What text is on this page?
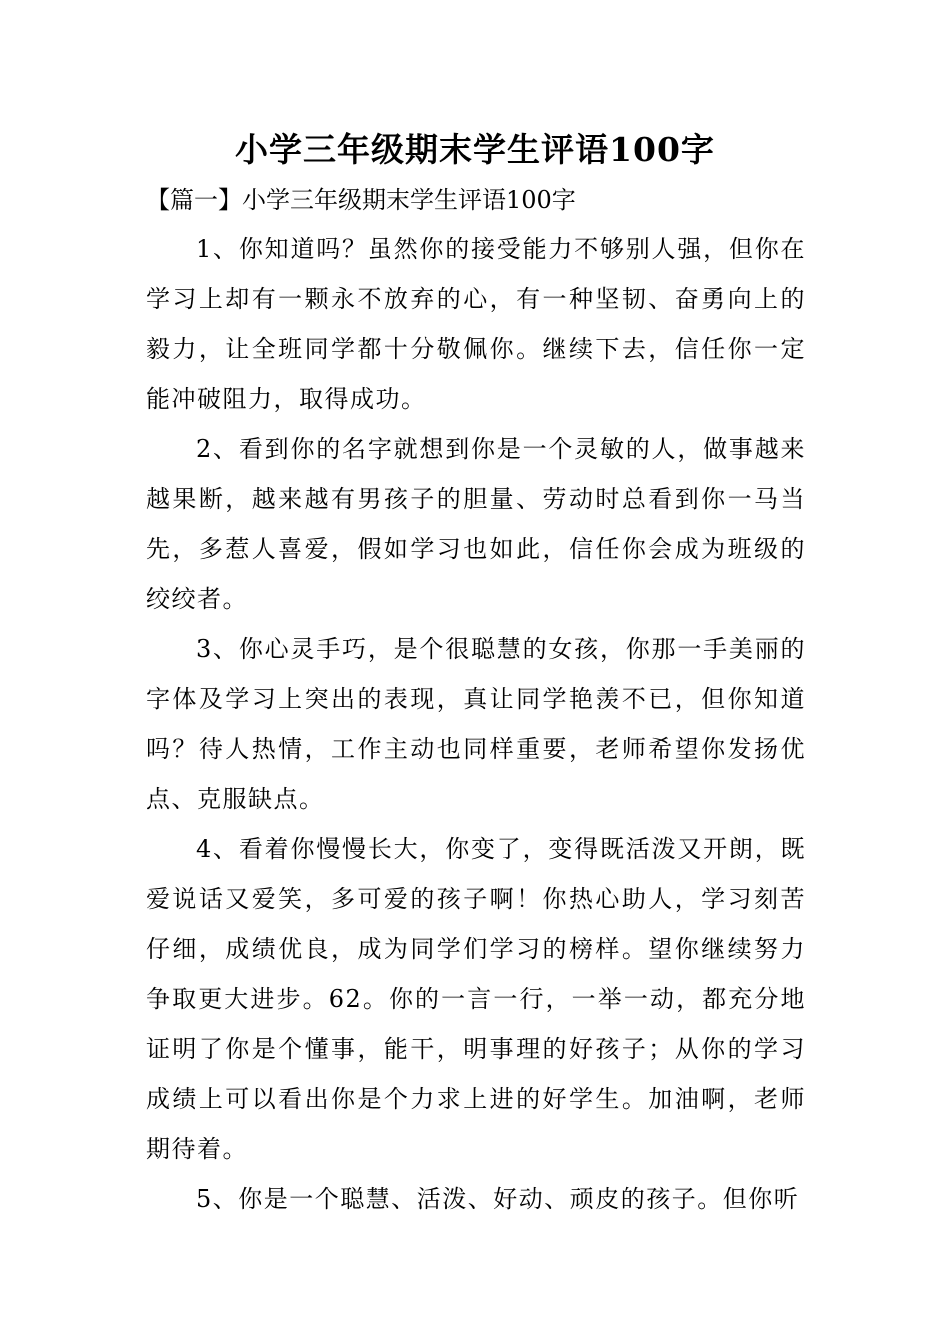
小学三年级期末学生评语100字
【篇一】小学三年级期末学生评语100字

1、你知道吗？虽然你的接受能力不够别人强，但你在学习上却有一颗永不放弃的心，有一种坚韧、奋勇向上的毅力，让全班同学都十分敬佩你。继续下去，信任你一定能冲破阻力，取得成功。

2、看到你的名字就想到你是一个灵敏的人，做事越来越果断，越来越有男孩子的胆量、劳动时总看到你一马当先，多惹人喜爱，假如学习也如此，信任你会成为班级的绞绞者。

3、你心灵手巧，是个很聪慧的女孩，你那一手美丽的字体及学习上突出的表现，真让同学艳羡不已，但你知道吗？待人热情，工作主动也同样重要，老师希望你发扬优点、克服缺点。

4、看着你慢慢长大，你变了，变得既活泼又开朗，既爱说话又爱笑，多可爱的孩子啊！你热心助人，学习刻苦仔细，成绩优良，成为同学们学习的榜样。望你继续努力争取更大进步。62。你的一言一行，一举一动，都充分地证明了你是个懂事，能干，明事理的好孩子；从你的学习成绩上可以看出你是个力求上进的好学生。加油啊，老师期待着。

5、你是一个聪慧、活泼、好动、顽皮的孩子。但你听
